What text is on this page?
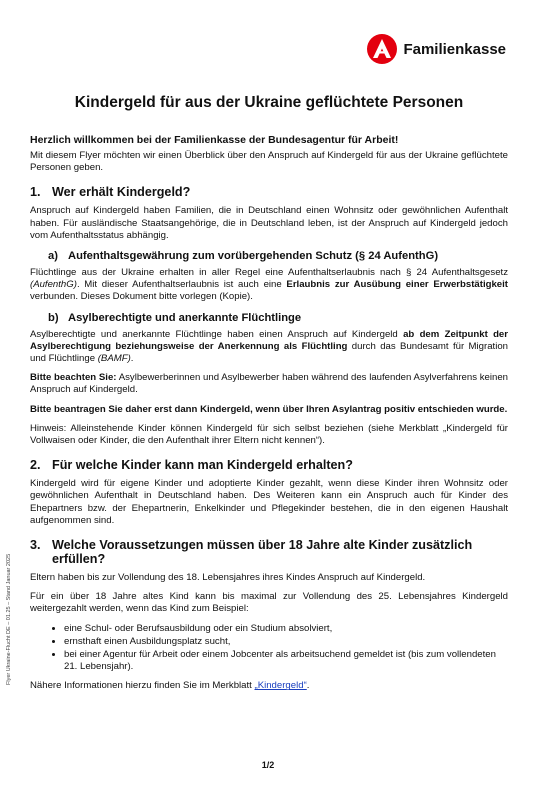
Familienkasse
Flyer Ukraine-Flucht DE – 01.25 – Stand Januar 2025
Kindergeld für aus der Ukraine geflüchtete Personen
Herzlich willkommen bei der Familienkasse der Bundesagentur für Arbeit!

Mit diesem Flyer möchten wir einen Überblick über den Anspruch auf Kindergeld für aus der Ukraine geflüchtete Personen geben.

1. Wer erhält Kindergeld?

Anspruch auf Kindergeld haben Familien, die in Deutschland einen Wohnsitz oder gewöhnlichen Aufenthalt haben. Für ausländische Staatsangehörige, die in Deutschland leben, ist der Anspruch auf Kindergeld jedoch vom Aufenthaltsstatus abhängig.

a) Aufenthaltsgewährung zum vorübergehenden Schutz (§ 24 AufenthG)

Flüchtlinge aus der Ukraine erhalten in aller Regel eine Aufenthaltserlaubnis nach § 24 Aufenthaltsgesetz (AufenthG). Mit dieser Aufenthaltserlaubnis ist auch eine Erlaubnis zur Ausübung einer Erwerbstätigkeit verbunden. Dieses Dokument bitte vorlegen (Kopie).

b) Asylberechtigte und anerkannte Flüchtlinge

Asylberechtigte und anerkannte Flüchtlinge haben einen Anspruch auf Kindergeld ab dem Zeitpunkt der Asylberechtigung beziehungsweise der Anerkennung als Flüchtling durch das Bundesamt für Migration und Flüchtlinge (BAMF).

Bitte beachten Sie: Asylbewerberinnen und Asylbewerber haben während des laufenden Asylverfahrens keinen Anspruch auf Kindergeld.

Bitte beantragen Sie daher erst dann Kindergeld, wenn über Ihren Asylantrag positiv entschieden wurde.

Hinweis: Alleinstehende Kinder können Kindergeld für sich selbst beziehen (siehe Merkblatt „Kindergeld für Vollwaisen oder Kinder, die den Aufenthalt ihrer Eltern nicht kennen“).

2. Für welche Kinder kann man Kindergeld erhalten?

Kindergeld wird für eigene Kinder und adoptierte Kinder gezahlt, wenn diese Kinder ihren Wohnsitz oder gewöhnlichen Aufenthalt in Deutschland haben. Des Weiteren kann ein Anspruch auch für Kinder des Ehepartners bzw. der Ehepartnerin, Enkelkinder und Pflegekinder bestehen, die in den eigenen Haushalt aufgenommen sind.

3. Welche Voraussetzungen müssen über 18 Jahre alte Kinder zusätzlich erfüllen?

Eltern haben bis zur Vollendung des 18. Lebensjahres ihres Kindes Anspruch auf Kindergeld.

Für ein über 18 Jahre altes Kind kann bis maximal zur Vollendung des 25. Lebensjahres Kindergeld weitergezahlt werden, wenn das Kind zum Beispiel:

• eine Schul- oder Berufsausbildung oder ein Studium absolviert,
• ernsthaft einen Ausbildungsplatz sucht,
• bei einer Agentur für Arbeit oder einem Jobcenter als arbeitsuchend gemeldet ist (bis zum vollendeten 21. Lebensjahr).

Nähere Informationen hierzu finden Sie im Merkblatt „Kindergeld“.

1/2
